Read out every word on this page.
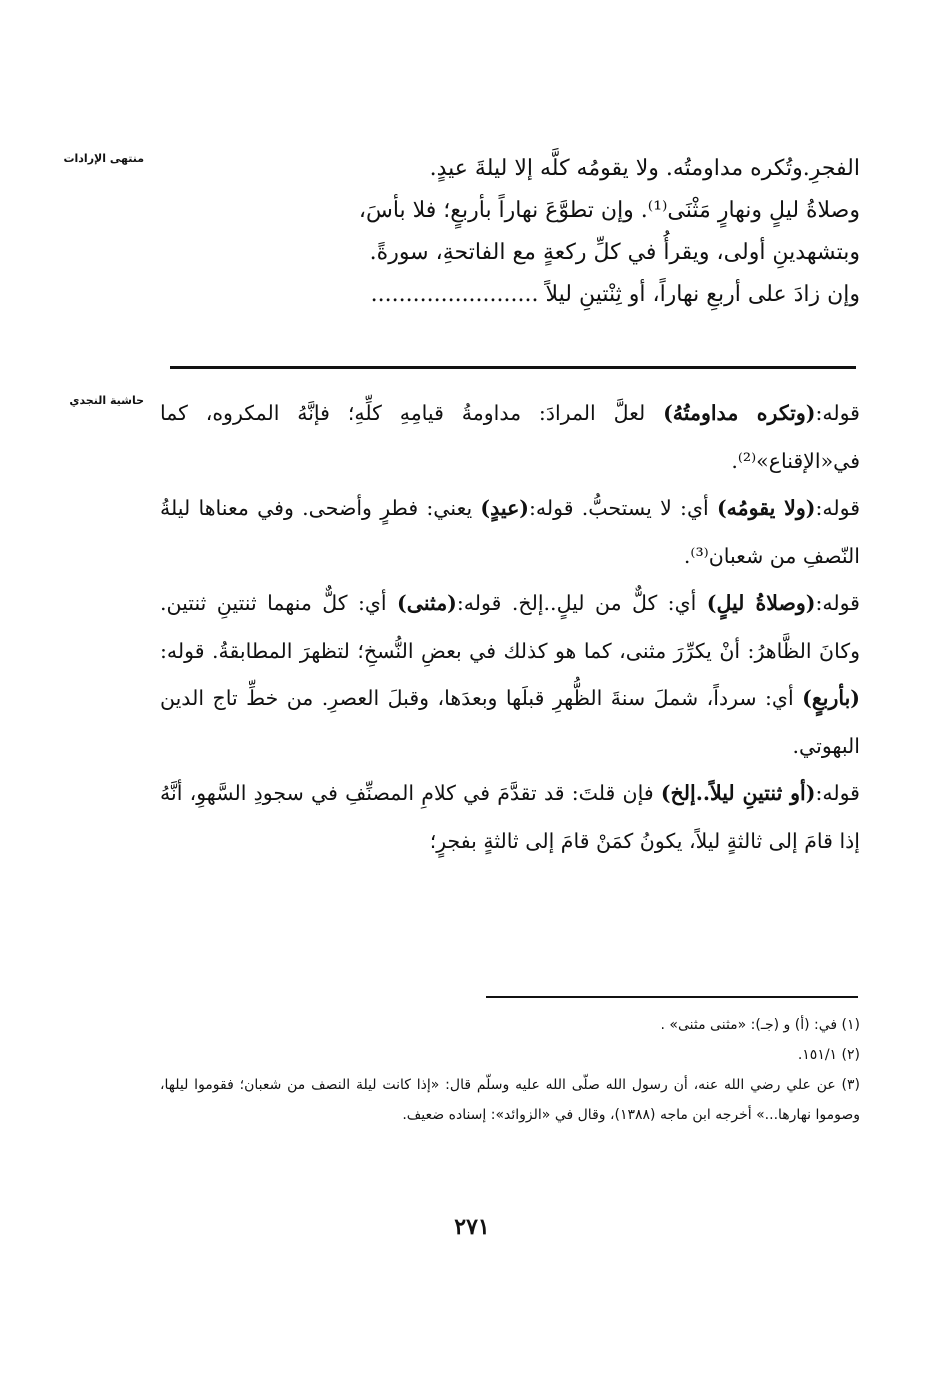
منتهى الإرادات	الفجرِ.وتُكره مداومتُه. ولا يقومُه كلَّه إلا ليلةَ عيدٍ.

وصلاةُ ليلٍ ونهارٍ مَثْنَى⁽¹⁾. وإن تطوَّعَ نهاراً بأربعٍ؛ فلا بأسَ،

وبتشهدينِ أولى، ويقرأُ في كلِّ ركعةٍ مع الفاتحةِ، سورةً.

وإن زادَ على أربعِ نهاراً، أو ثِنْتينِ ليلاً ........................

حاشية النجدي

قوله:(وتكره مداومتُهُ) لعلَّ المرادَ: مداومةُ قيامِهِ كلِّهِ؛ فإنَّهُ المكروه، كما في«الإقناع»⁽²⁾.

قوله:(ولا يقومُه) أي: لا يستحبُّ. قوله:(عيدٍ) يعني: فطرٍ وأضحى. وفي معناها ليلةُ النّصفِ من شعبان⁽³⁾.

قوله:(وصلاةُ ليلٍ) أي: كلٌّ من ليلٍ..إلخ. قوله:(مثنى) أي: كلٌّ منهما ثنتينِ ثنتين. وكانَ الظَّاهرُ: أنْ يكرِّرَ مثنى، كما هو كذلك في بعضِ النُّسخِ؛ لتظهرَ المطابقةُ. قوله:(بأربعٍ) أي: سرداً، شملَ سنةَ الظُّهرِ قبلَها وبعدَها، وقبلَ العصرِ. من خطِّ تاج الدين البهوتي.

قوله:(أو ثنتينِ ليلاً..إلخ) فإن قلتَ: قد تقدَّمَ في كلامِ المصنِّفِ في سجودِ السَّهوِ، أنَّهُ إذا قامَ إلى ثالثةٍ ليلاً، يكونُ كمَنْ قامَ إلى ثالثةٍ بفجرٍ؛

(١) في: (أ) و (جـ): «مثنى مثنى» .

(٢) ١٥١/١.

(٣) عن علي رضي الله عنه، أن رسول الله صلّى الله عليه وسلّم قال: «إذا كانت ليلة النصف من شعبان؛ فقوموا ليلها، وصوموا نهارها...» أخرجه ابن ماجه (١٣٨٨)، وقال في «الزوائد»: إسناده ضعيف.

٢٧١
